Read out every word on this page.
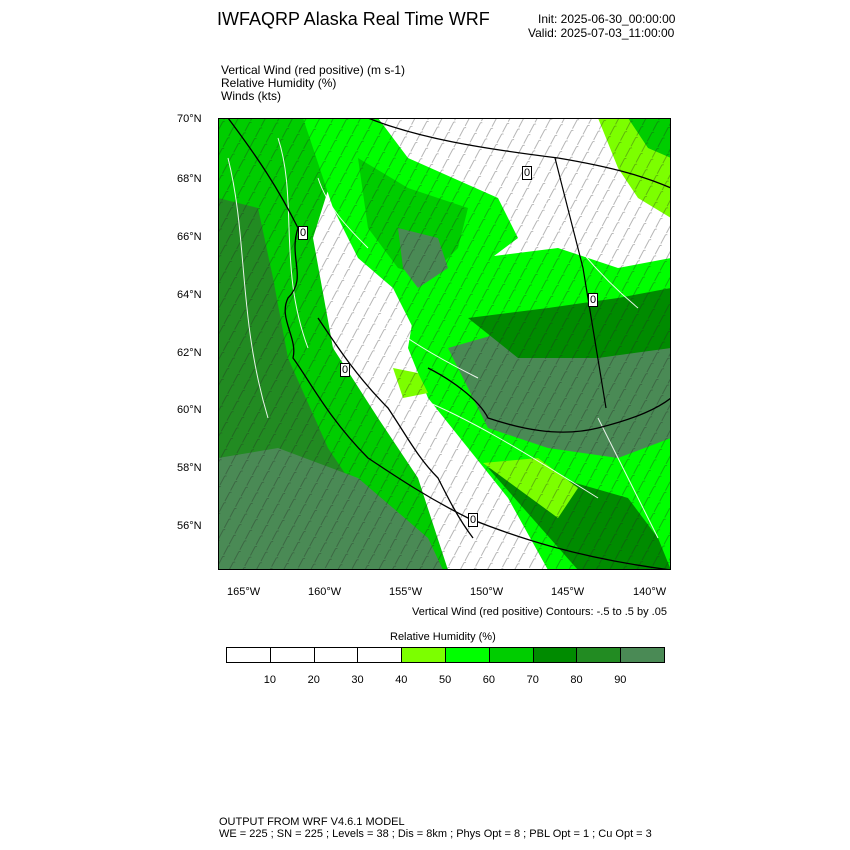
IWFAQRP Alaska Real Time WRF	Init: 2025-06-30_00:00:00
Valid: 2025-07-03_11:00:00
Vertical Wind (red positive) (m s-1)
Relative Humidity (%)
Winds (kts)
0
0
0
0
0
70°N
68°N
66°N
64°N
62°N
60°N
58°N
56°N
165°W	160°W	155°W	150°W	145°W	140°W
Vertical Wind (red positive) Contours: -.5 to .5 by .05
Relative Humidity (%)
10	20	30	40	50	60	70	80	90
OUTPUT FROM WRF V4.6.1 MODEL
WE = 225 ; SN = 225 ; Levels = 38 ; Dis = 8km ; Phys Opt = 8 ; PBL Opt = 1 ; Cu Opt = 3
